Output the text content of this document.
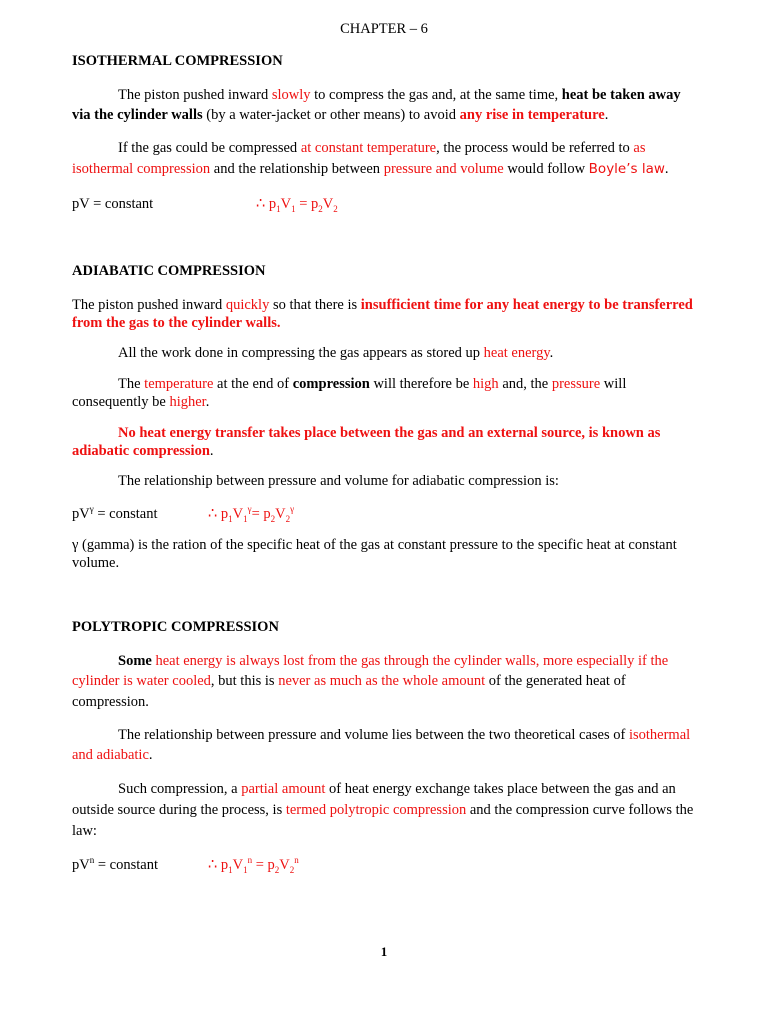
CHAPTER – 6
ISOTHERMAL COMPRESSION
The piston pushed inward slowly to compress the gas and, at the same time, heat be taken away
via the cylinder walls (by a water-jacket or other means) to avoid any rise in temperature.
If the gas could be compressed at constant temperature, the process would be referred to as
isothermal compression and the relationship between pressure and volume would follow Boyle’s law.
pV = constant	∴ $p_1V_1 = p_2V_2$
ADIABATIC COMPRESSION
The piston pushed inward quickly so that there is insufficient time for any heat energy to be transferred
from the gas to the cylinder walls.
All the work done in compressing the gas appears as stored up heat energy.
The temperature at the end of compression will therefore be high and, the pressure will
consequently be higher.
No heat energy transfer takes place between the gas and an external source, is known as
adiabatic compression.
The relationship between pressure and volume for adiabatic compression is:
$pV^\gamma$ = constant	∴ $p_1V_1^\gamma= p_2V_2^\gamma$
γ (gamma) is the ration of the specific heat of the gas at constant pressure to the specific heat at constant
volume.
POLYTROPIC COMPRESSION
Some heat energy is always lost from the gas through the cylinder walls, more especially if the
cylinder is water cooled, but this is never as much as the whole amount of the generated heat of
compression.
The relationship between pressure and volume lies between the two theoretical cases of isothermal
and adiabatic.
Such compression, a partial amount of heat energy exchange takes place between the gas and an
outside source during the process, is termed polytropic compression and the compression curve follows the
law:
$pV^n$ = constant	∴ $p_1V_1^n = p_2V_2^n$
1
